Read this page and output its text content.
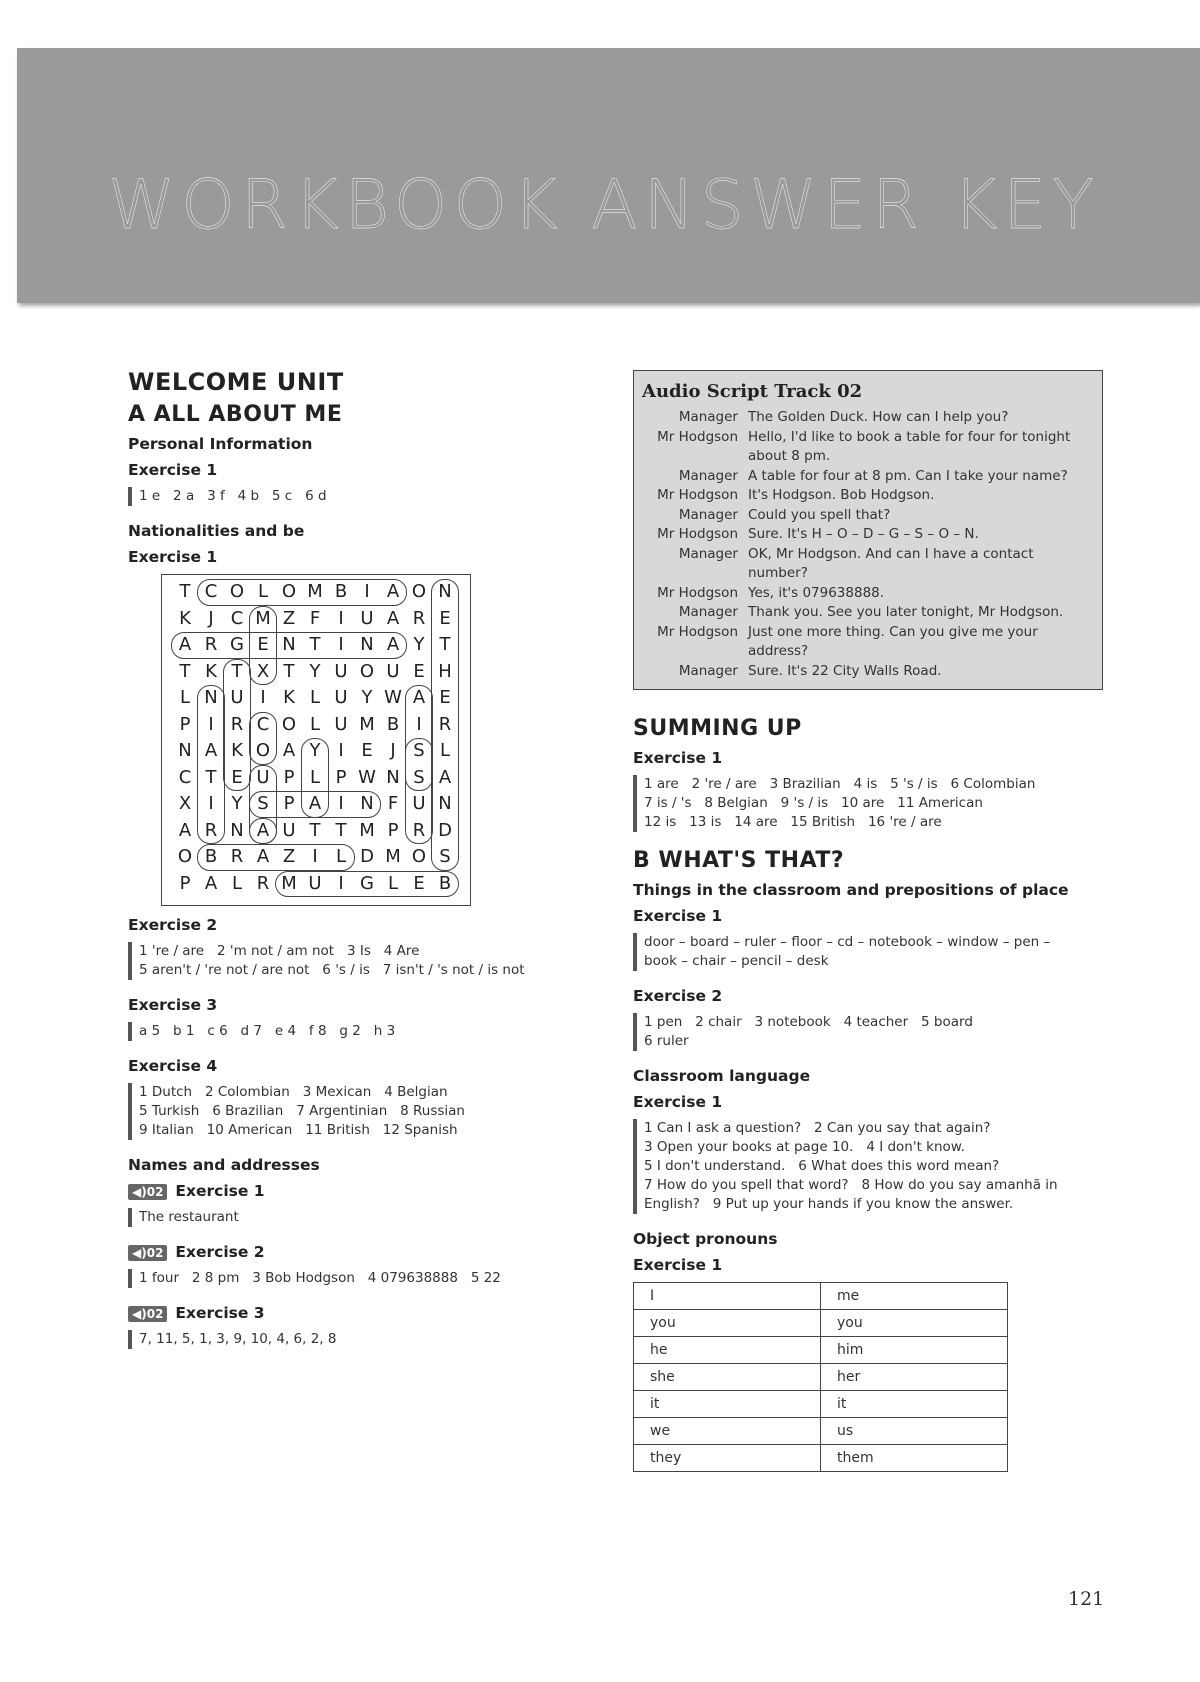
WORKBOOK ANSWER KEY
WELCOME UNIT
A ALL ABOUT ME
Personal Information
Exercise 1
1 e   2 a   3 f   4 b   5 c   6 d
Nationalities and be
Exercise 1
T C O L O M B I A O N
K J C M Z F	I U A R E
A R G E N T I N A Y T
T K T X T Y U O U E H
L N U I K L U Y W A E
P I R C O L U M B I R
N A K O A Y I E J S L
C T E U P L P W N S A
X I Y S P A I N F U N
A R N A U T T M P R D
O B R A Z I	L D M O S
P A L R M U I G L E B
Exercise 2
1 're / are   2 'm not / am not   3 Is   4 Are
5 aren't / 're not / are not   6 's / is   7 isn't / 's not / is not
Exercise 3
a 5   b 1   c 6   d 7   e 4   f 8   g 2   h 3
Exercise 4
1 Dutch   2 Colombian   3 Mexican   4 Belgian
5 Turkish   6 Brazilian   7 Argentinian   8 Russian
9 Italian   10 American   11 British   12 Spanish
Names and addresses
◀)02 Exercise 1
The restaurant
◀)02 Exercise 2
1 four   2 8 pm   3 Bob Hodgson   4 079638888   5 22
◀)02 Exercise 3
7, 11, 5, 1, 3, 9, 10, 4, 6, 2, 8
Audio Script Track 02
Manager The Golden Duck. How can I help you?
Mr Hodgson Hello, I'd like to book a table for four for tonight about 8 pm.
Manager A table for four at 8 pm. Can I take your name?
Mr Hodgson It's Hodgson. Bob Hodgson.
Manager Could you spell that?
Mr Hodgson Sure. It's H – O – D – G – S – O – N.
Manager OK, Mr Hodgson. And can I have a contact number?
Mr Hodgson Yes, it's 079638888.
Manager Thank you. See you later tonight, Mr Hodgson.
Mr Hodgson Just one more thing. Can you give me your address?
Manager Sure. It's 22 City Walls Road.
SUMMING UP
Exercise 1
1 are   2 're / are   3 Brazilian   4 is   5 's / is   6 Colombian
7 is / 's   8 Belgian   9 's / is   10 are   11 American
12 is   13 is   14 are   15 British   16 're / are
B WHAT'S THAT?
Things in the classroom and prepositions of place
Exercise 1
door – board – ruler – floor – cd – notebook – window – pen –
book – chair – pencil – desk
Exercise 2
1 pen   2 chair   3 notebook   4 teacher   5 board
6 ruler
Classroom language
Exercise 1
1 Can I ask a question?   2 Can you say that again?
3 Open your books at page 10.   4 I don't know.
5 I don't understand.   6 What does this word mean?
7 How do you spell that word?   8 How do you say amanhã in
English?   9 Put up your hands if you know the answer.
Object pronouns
Exercise 1
I	me
you	you
he	him
she	her
it	it
we	us
they	them
121
